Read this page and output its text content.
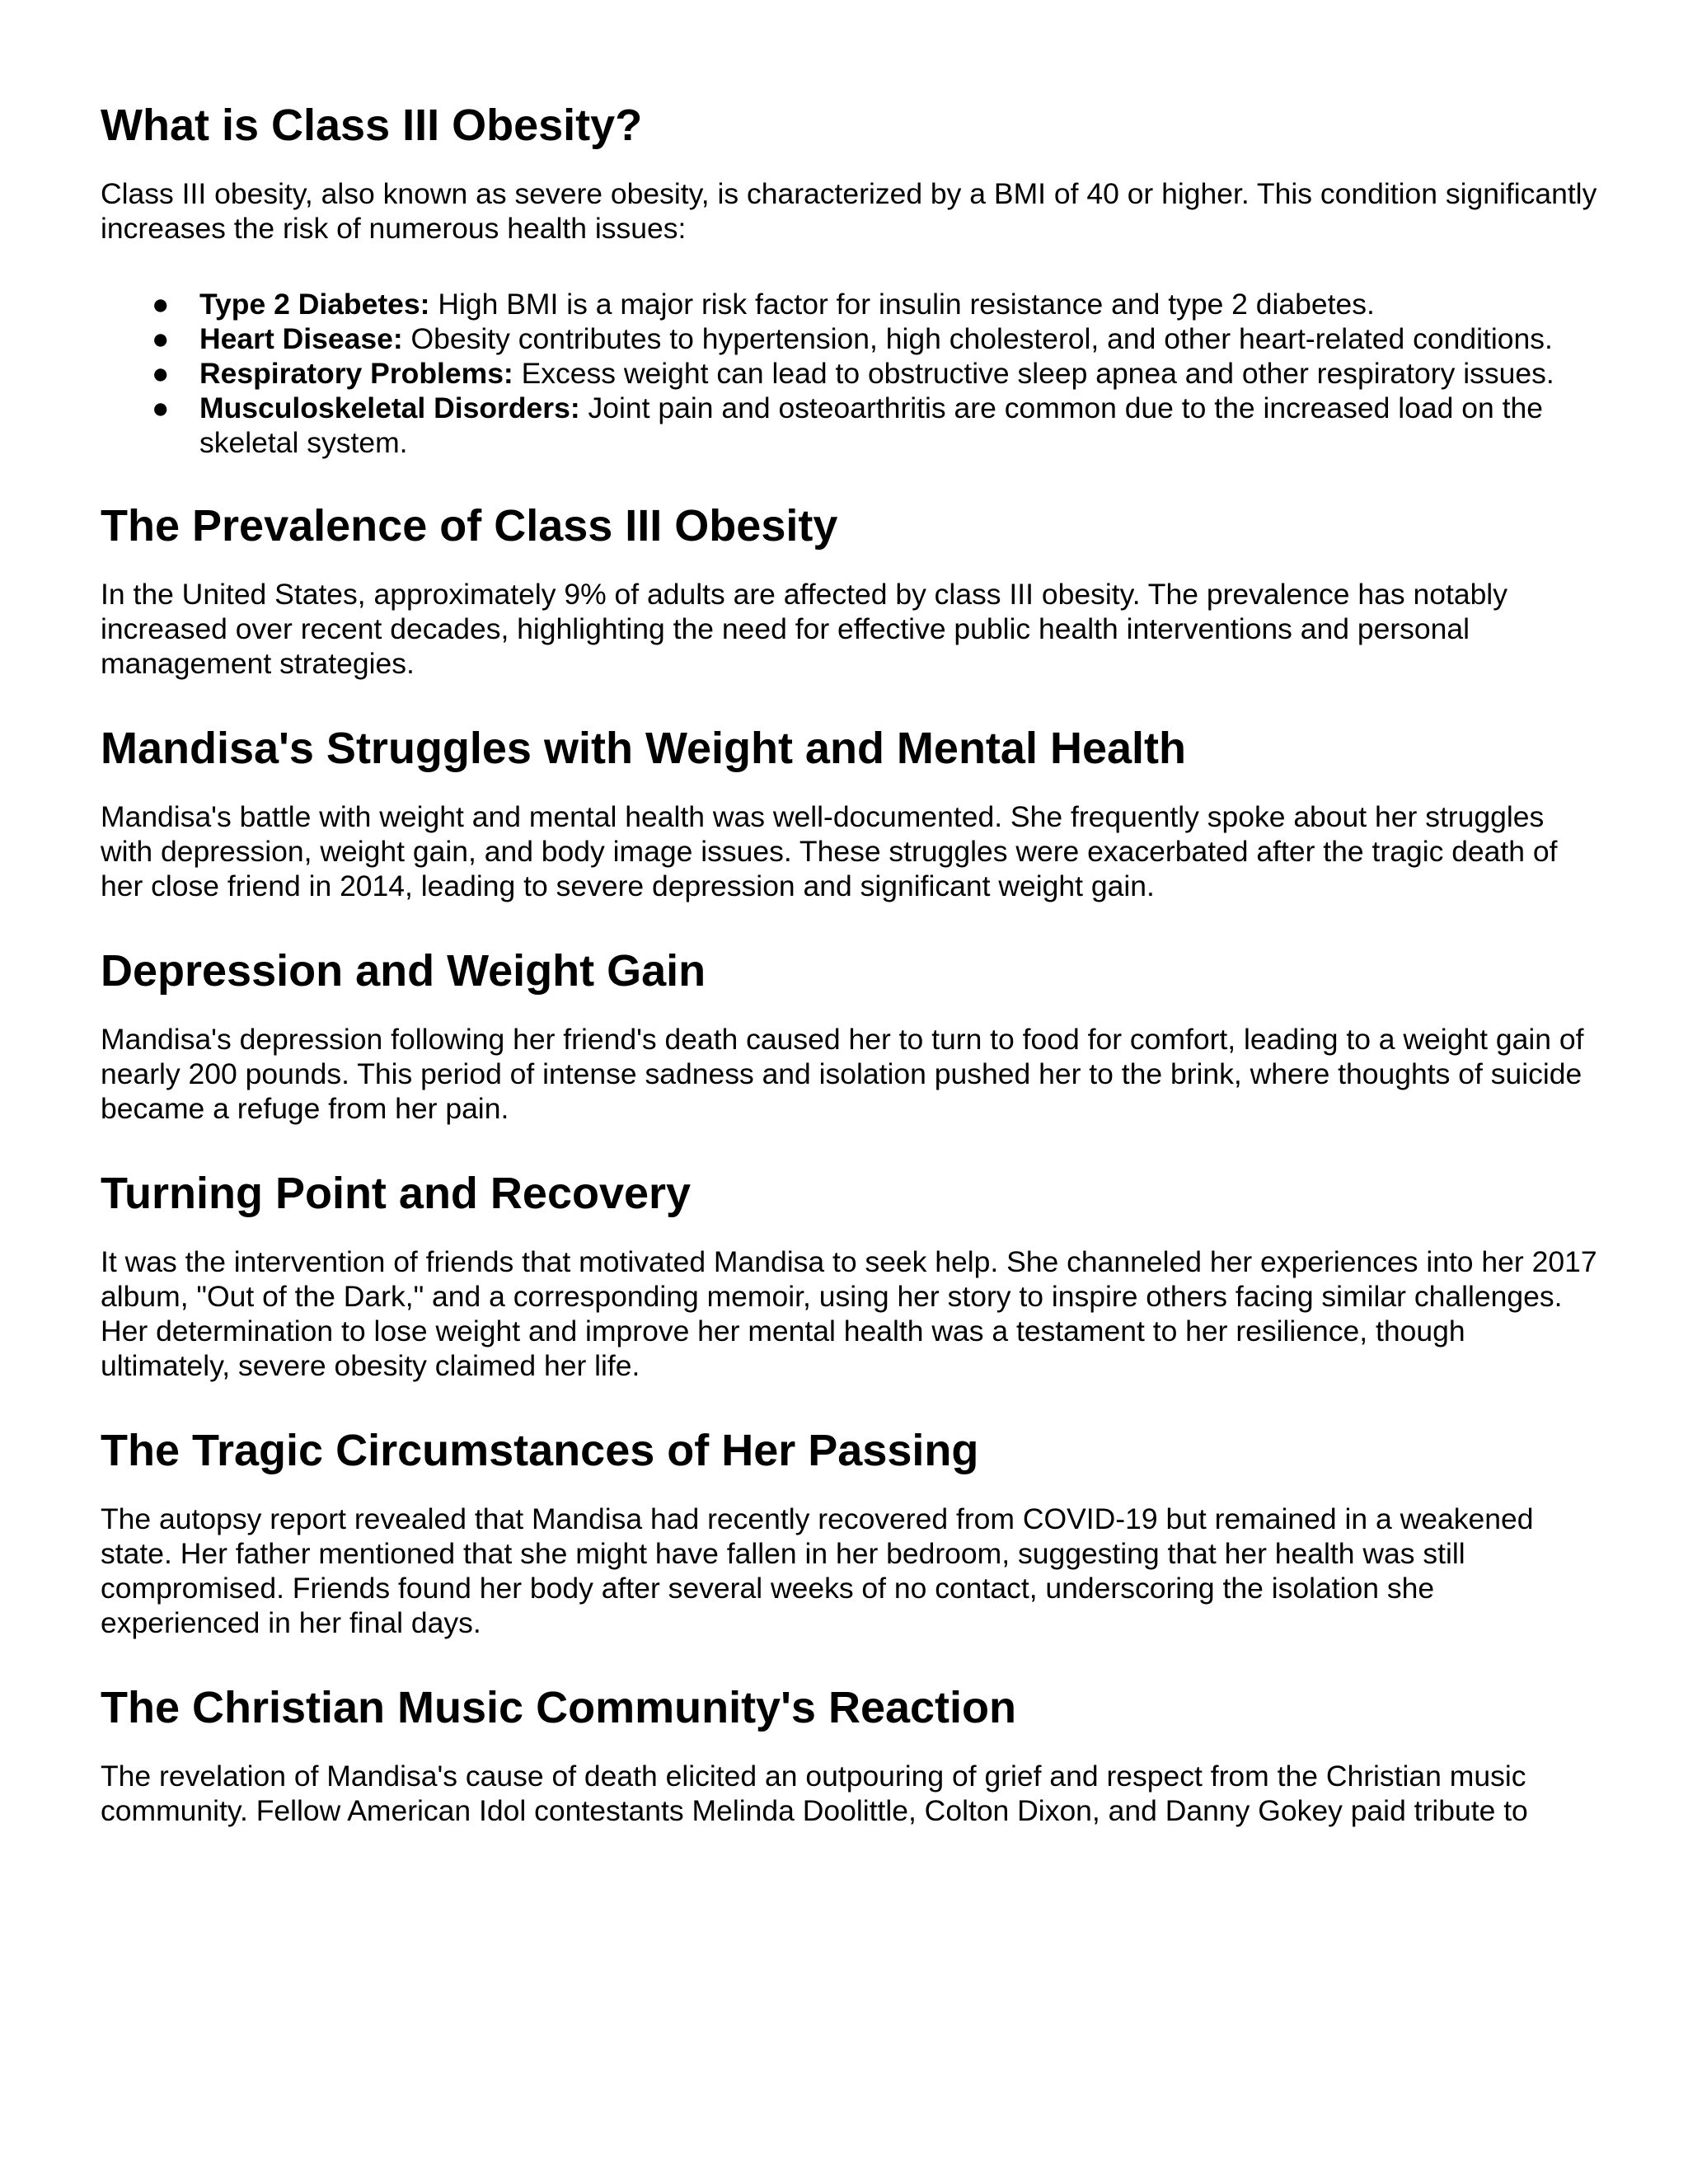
What is Class III Obesity?

Class III obesity, also known as severe obesity, is characterized by a BMI of 40 or higher. This condition significantly increases the risk of numerous health issues:

● Type 2 Diabetes: High BMI is a major risk factor for insulin resistance and type 2 diabetes.
● Heart Disease: Obesity contributes to hypertension, high cholesterol, and other heart-related conditions.
● Respiratory Problems: Excess weight can lead to obstructive sleep apnea and other respiratory issues.
● Musculoskeletal Disorders: Joint pain and osteoarthritis are common due to the increased load on the skeletal system.
The Prevalence of Class III Obesity

In the United States, approximately 9% of adults are affected by class III obesity. The prevalence has notably increased over recent decades, highlighting the need for effective public health interventions and personal management strategies.

Mandisa's Struggles with Weight and Mental Health

Mandisa's battle with weight and mental health was well-documented. She frequently spoke about her struggles with depression, weight gain, and body image issues. These struggles were exacerbated after the tragic death of her close friend in 2014, leading to severe depression and significant weight gain.

Depression and Weight Gain

Mandisa's depression following her friend's death caused her to turn to food for comfort, leading to a weight gain of nearly 200 pounds. This period of intense sadness and isolation pushed her to the brink, where thoughts of suicide became a refuge from her pain.

Turning Point and Recovery

It was the intervention of friends that motivated Mandisa to seek help. She channeled her experiences into her 2017 album, "Out of the Dark," and a corresponding memoir, using her story to inspire others facing similar challenges. Her determination to lose weight and improve her mental health was a testament to her resilience, though ultimately, severe obesity claimed her life.

The Tragic Circumstances of Her Passing

The autopsy report revealed that Mandisa had recently recovered from COVID-19 but remained in a weakened state. Her father mentioned that she might have fallen in her bedroom, suggesting that her health was still compromised. Friends found her body after several weeks of no contact, underscoring the isolation she experienced in her final days.

The Christian Music Community's Reaction

The revelation of Mandisa's cause of death elicited an outpouring of grief and respect from the Christian music community. Fellow American Idol contestants Melinda Doolittle, Colton Dixon, and Danny Gokey paid tribute to
